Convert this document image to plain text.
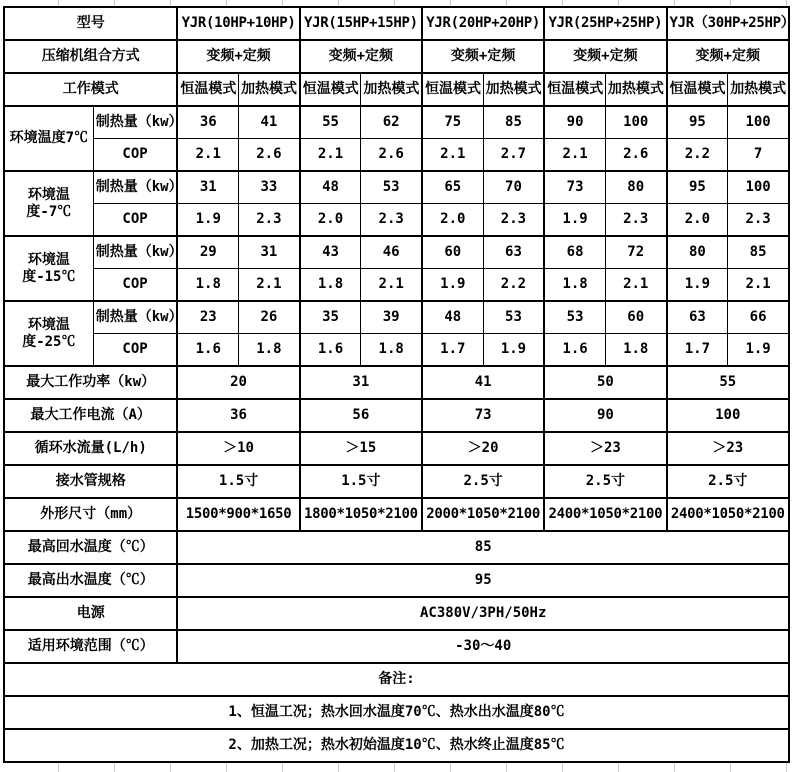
型号		YJR(10HP+10HP)		YJR(15HP+15HP)		YJR(20HP+20HP)		YJR(25HP+25HP)		YJR（30HP+25HP）	
压缩机组合方式		变频+定频		变频+定频		变频+定频		变频+定频		变频+定频	
工作模式		恒温模式	加热模式	恒温模式	加热模式	恒温模式	加热模式	恒温模式	加热模式	恒温模式	加热模式
环境温度7℃	制热量（kw）	36	41	55	62	75	85	90	100	95	100
	COP	2.1	2.6	2.1	2.6	2.1	2.7	2.1	2.6	2.2	7
环境温度-7℃	制热量（kw）	31	33	48	53	65	70	73	80	95	100
	COP	1.9	2.3	2.0	2.3	2.0	2.3	1.9	2.3	2.0	2.3
环境温度-15℃	制热量（kw）	29	31	43	46	60	63	68	72	80	85
	COP	1.8	2.1	1.8	2.1	1.9	2.2	1.8	2.1	1.9	2.1
环境温度-25℃	制热量（kw）	23	26	35	39	48	53	53	60	63	66
	COP	1.6	1.8	1.6	1.8	1.7	1.9	1.6	1.8	1.7	1.9
最大工作功率（kw）		20		31		41		50		55	
最大工作电流（A）		36		56		73		90		100	
循环水流量(L/h)		＞10		＞15		＞20		＞23		＞23	
接水管规格		1.5寸		1.5寸		2.5寸		2.5寸		2.5寸	
外形尺寸（mm）		1500*900*1650		1800*1050*2100		2000*1050*2100		2400*1050*2100		2400*1050*2100	
最高回水温度（℃）		85									
最高出水温度（℃）		95									
电源		AC380V/3PH/50Hz									
适用环境范围（℃）		-30～40									
备注:											
1、恒温工况；热水回水温度70℃、热水出水温度80℃											
2、加热工况；热水初始温度10℃、热水终止温度85℃											
